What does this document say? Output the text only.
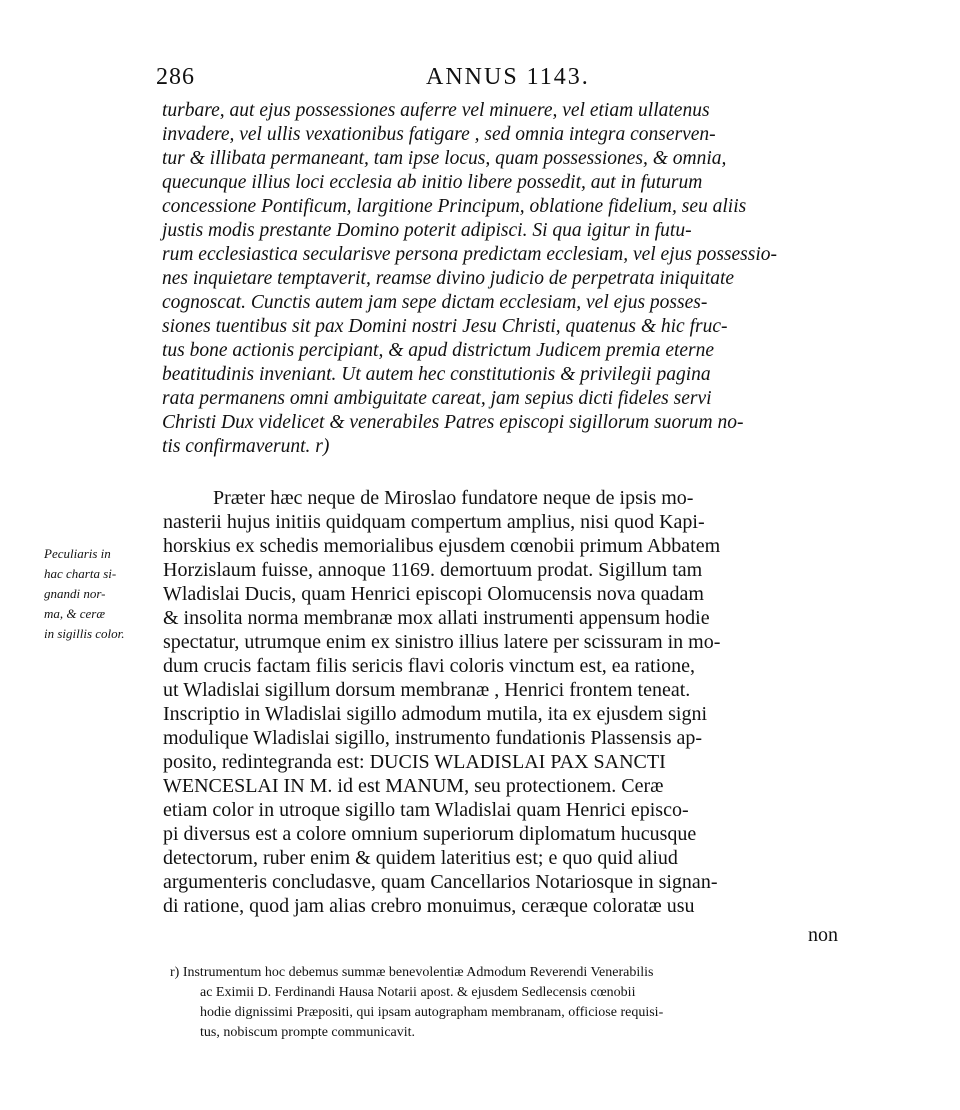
286	ANNUS 1143.
turbare, aut ejus possessiones auferre vel minuere, vel etiam ullatenus
invadere, vel ullis vexationibus fatigare , sed omnia integra conserven-
tur & illibata permaneant, tam ipse locus, quam possessiones, & omnia,
quecunque illius loci ecclesia ab initio libere possedit, aut in futurum
concessione Pontificum, largitione Principum, oblatione fidelium, seu aliis
justis modis prestante Domino poterit adipisci. Si qua igitur in futu-
rum ecclesiastica secularisve persona predictam ecclesiam, vel ejus possessio-
nes inquietare temptaverit, reamse divino judicio de perpetrata iniquitate
cognoscat. Cunctis autem jam sepe dictam ecclesiam, vel ejus posses-
siones tuentibus sit pax Domini nostri Jesu Christi, quatenus & hic fruc-
tus bone actionis percipiant, & apud districtum Judicem premia eterne
beatitudinis inveniant. Ut autem hec constitutionis & privilegii pagina
rata permanens omni ambiguitate careat, jam sepius dicti fideles servi
Christi Dux videlicet & venerabiles Patres episcopi sigillorum suorum no-
tis confirmaverunt. r)
Peculiaris in hac charta si- gnandi nor- ma, & ceræ in sigillis color.
Præter hæc neque de Miroslao fundatore neque de ipsis mo-
nasterii hujus initiis quidquam compertum amplius, nisi quod Kapi-
horskius ex schedis memorialibus ejusdem cœnobii primum Abbatem
Horzislaum fuisse, annoque 1169. demortuum prodat. Sigillum tam
Wladislai Ducis, quam Henrici episcopi Olomucensis nova quadam
& insolita norma membranæ mox allati instrumenti appensum hodie
spectatur, utrumque enim ex sinistro illius latere per scissuram in mo-
dum crucis factam filis sericis flavi coloris vinctum est, ea ratione,
ut Wladislai sigillum dorsum membranæ , Henrici frontem teneat.
Inscriptio in Wladislai sigillo admodum mutila, ita ex ejusdem signi
modulique Wladislai sigillo, instrumento fundationis Plassensis ap-
posito, redintegranda est: DUCIS WLADISLAI PAX SANCTI
WENCESLAI IN M. id est MANUM, seu protectionem. Ceræ
etiam color in utroque sigillo tam Wladislai quam Henrici episco-
pi diversus est a colore omnium superiorum diplomatum hucusque
detectorum, ruber enim & quidem lateritius est; e quo quid aliud
argumenteris concludasve, quam Cancellarios Notariosque in signan-
di ratione, quod jam alias crebro monuimus, ceræque coloratæ usu
non
r) Instrumentum hoc debemus summæ benevolentiæ Admodum Reverendi Venerabilis
ac Eximii D. Ferdinandi Hausa Notarii apost. & ejusdem Sedlecensis cœnobii
hodie dignissimi Præpositi, qui ipsam autographam membranam, officiose requisi-
tus, nobiscum prompte communicavit.
